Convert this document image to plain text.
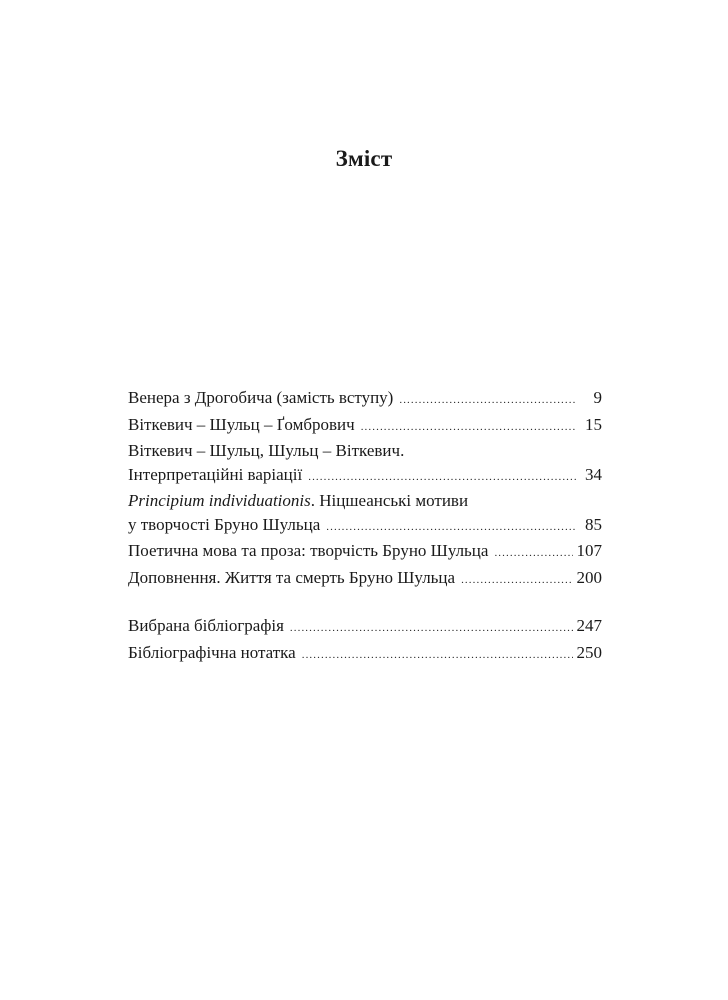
Зміст
Венера з Дрогобича (замість вступу) .....	9
Віткевич – Шульц – Ґомбрович .....	15
Віткевич – Шульц, Шульц – Віткевич.
Інтерпретаційні варіації .....	34
Principium individuationis. Ніцшеанські мотиви
у творчості Бруно Шульца .....	85
Поетична мова та проза: творчість Бруно Шульца .....	107
Доповнення. Життя та смерть Бруно Шульца .....	200
Вибрана бібліографія .....	247
Бібліографічна нотатка .....	250
